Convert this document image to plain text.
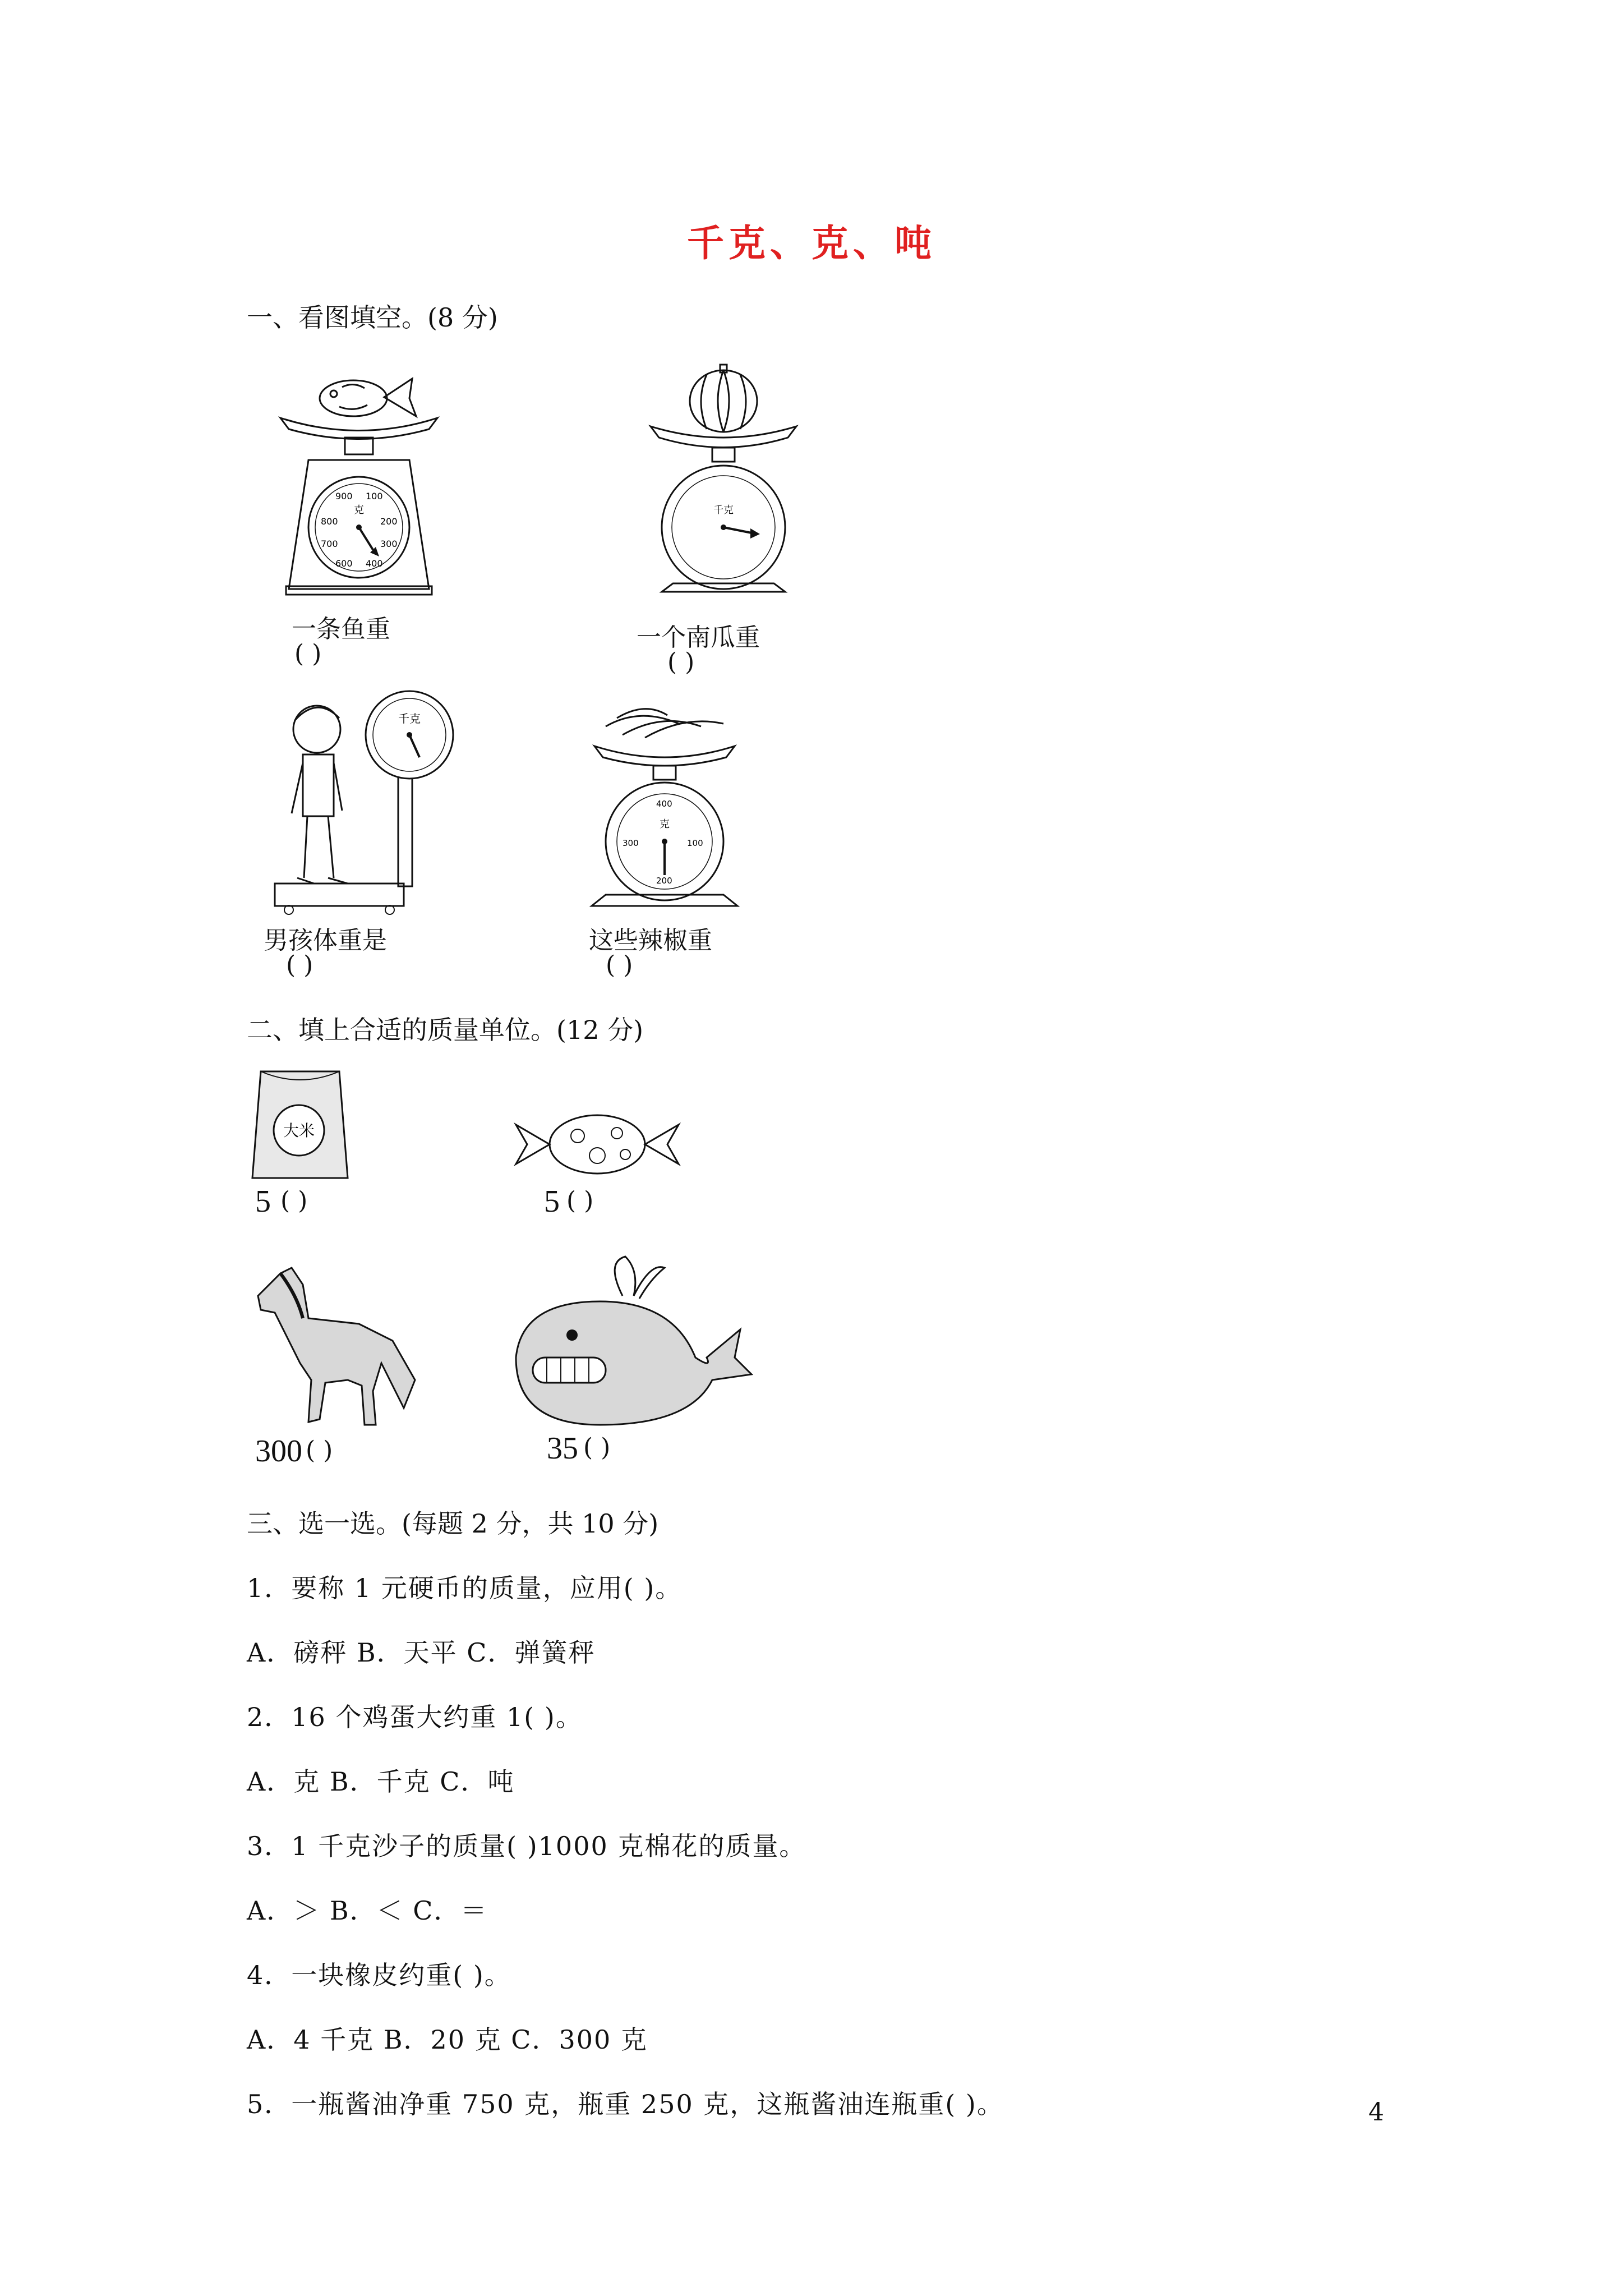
千克、克、吨
一、看图填空。(8 分)
克
900 100
800	200
700	300
600 400
一条鱼重
( )
千克
一个南瓜重
( )
千克
男孩体重是
( )
克
400
100
300
200
这些辣椒重
( )
二、填上合适的质量单位。(12 分)
大米
5 ( )	5 ( )
300 ( )	35 ( )
三、选一选。(每题 2 分，共 10 分)
1．要称 1 元硬币的质量，应用( )。
A．磅秤 B．天平 C．弹簧秤
2．16 个鸡蛋大约重 1( )。
A．克 B．千克 C．吨
3．1 千克沙子的质量( )1000 克棉花的质量。
A．＞ B．＜ C．＝
4．一块橡皮约重( )。
A．4 千克 B．20 克 C．300 克
5．一瓶酱油净重 750 克，瓶重 250 克，这瓶酱油连瓶重( )。	4
